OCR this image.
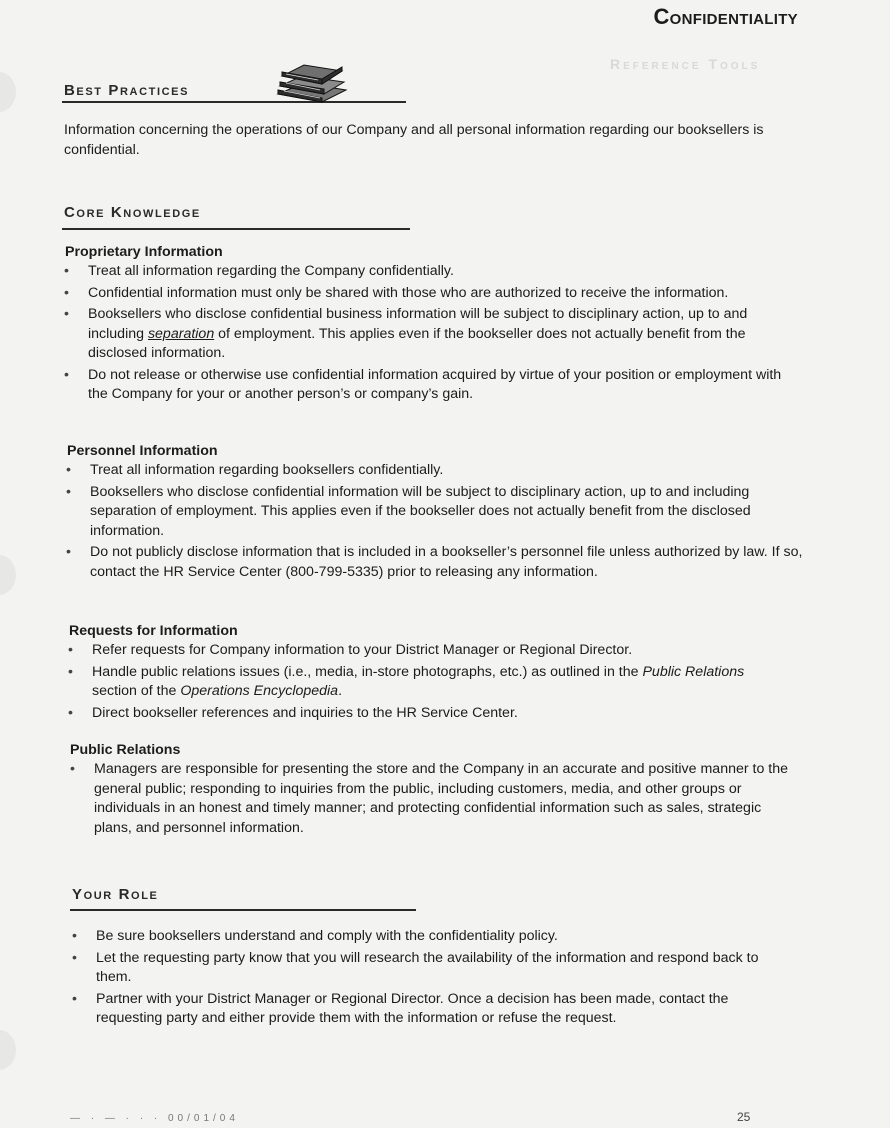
Confidentiality
Reference Tools
Best Practices
Information concerning the operations of our Company and all personal information regarding our booksellers is confidential.
Core Knowledge
Proprietary Information
• Treat all information regarding the Company confidentially.
• Confidential information must only be shared with those who are authorized to receive the information.
• Booksellers who disclose confidential business information will be subject to disciplinary action, up to and including separation of employment. This applies even if the bookseller does not actually benefit from the disclosed information.
• Do not release or otherwise use confidential information acquired by virtue of your position or employment with the Company for your or another person’s or company’s gain.
Personnel Information
• Treat all information regarding booksellers confidentially.
• Booksellers who disclose confidential information will be subject to disciplinary action, up to and including separation of employment. This applies even if the bookseller does not actually benefit from the disclosed information.
• Do not publicly disclose information that is included in a bookseller’s personnel file unless authorized by law. If so, contact the HR Service Center (800-799-5335) prior to releasing any information.
Requests for Information
• Refer requests for Company information to your District Manager or Regional Director.
• Handle public relations issues (i.e., media, in-store photographs, etc.) as outlined in the Public Relations section of the Operations Encyclopedia.
• Direct bookseller references and inquiries to the HR Service Center.
Public Relations
• Managers are responsible for presenting the store and the Company in an accurate and positive manner to the general public; responding to inquiries from the public, including customers, media, and other groups or individuals in an honest and timely manner; and protecting confidential information such as sales, strategic plans, and personnel information.
Your Role
• Be sure booksellers understand and comply with the confidentiality policy.
• Let the requesting party know that you will research the availability of the information and respond back to them.
• Partner with your District Manager or Regional Director. Once a decision has been made, contact the requesting party and either provide them with the information or refuse the request.
— · — · · · 00/01/04	25
